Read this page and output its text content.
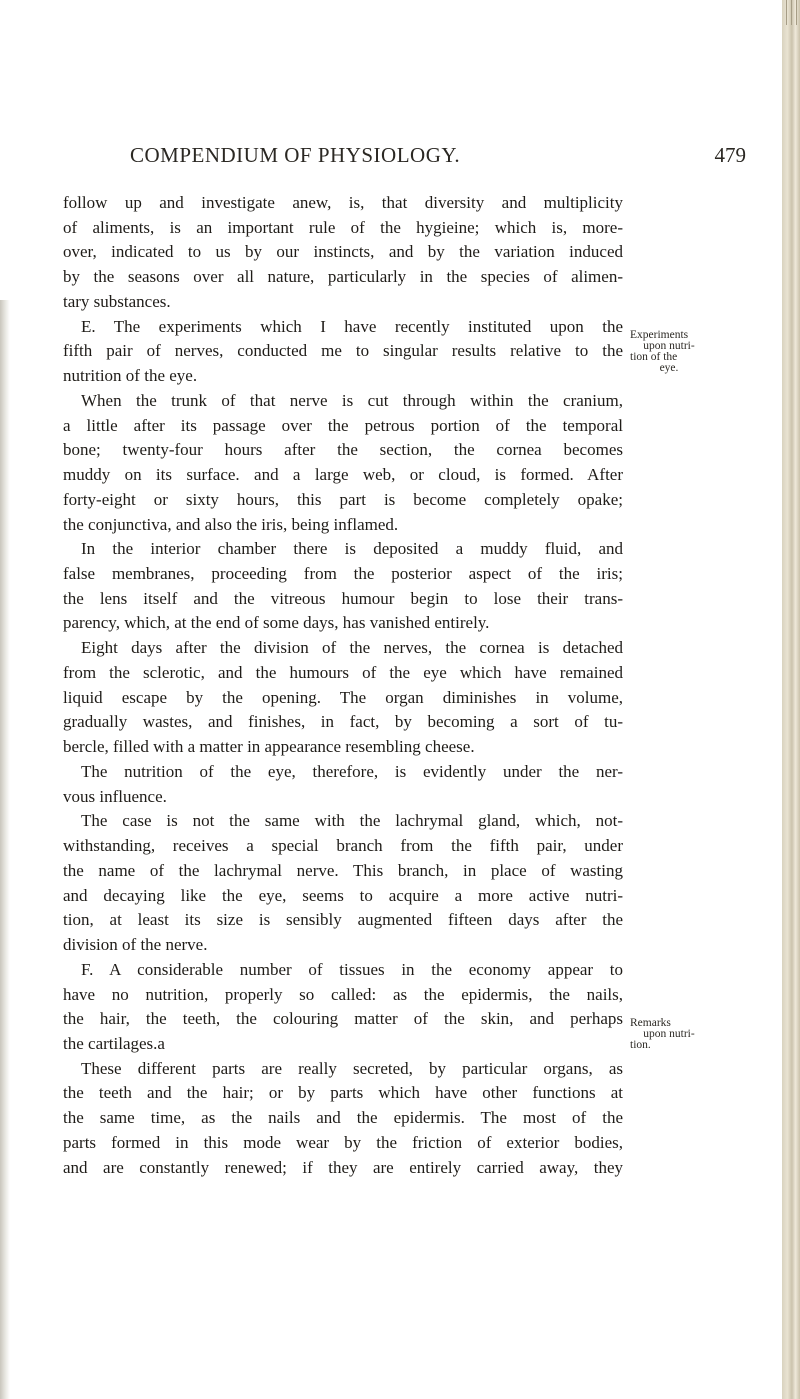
COMPENDIUM OF PHYSIOLOGY.	479
follow up and investigate anew, is, that diversity and multiplicity
of aliments, is an important rule of the hygieine; which is, more-
over, indicated to us by our instincts, and by the variation induced
by the seasons over all nature, particularly in the species of alimen-
tary substances.
E. The experiments which I have recently instituted upon the
fifth pair of nerves, conducted me to singular results relative to the
nutrition of the eye.
When the trunk of that nerve is cut through within the cranium,
a little after its passage over the petrous portion of the temporal
bone; twenty-four hours after the section, the cornea becomes
muddy on its surface. and a large web, or cloud, is formed. After
forty-eight or sixty hours, this part is become completely opake;
the conjunctiva, and also the iris, being inflamed.
In the interior chamber there is deposited a muddy fluid, and
false membranes, proceeding from the posterior aspect of the iris;
the lens itself and the vitreous humour begin to lose their trans-
parency, which, at the end of some days, has vanished entirely.
Eight days after the division of the nerves, the cornea is detached
from the sclerotic, and the humours of the eye which have remained
liquid escape by the opening. The organ diminishes in volume,
gradually wastes, and finishes, in fact, by becoming a sort of tu-
bercle, filled with a matter in appearance resembling cheese.
The nutrition of the eye, therefore, is evidently under the ner-
vous influence.
The case is not the same with the lachrymal gland, which, not-
withstanding, receives a special branch from the fifth pair, under
the name of the lachrymal nerve. This branch, in place of wasting
and decaying like the eye, seems to acquire a more active nutri-
tion, at least its size is sensibly augmented fifteen days after the
division of the nerve.
F. A considerable number of tissues in the economy appear to
have no nutrition, properly so called: as the epidermis, the nails,
the hair, the teeth, the colouring matter of the skin, and perhaps
the cartilages.a
These different parts are really secreted, by particular organs, as
the teeth and the hair; or by parts which have other functions at
the same time, as the nails and the epidermis. The most of the
parts formed in this mode wear by the friction of exterior bodies,
and are constantly renewed; if they are entirely carried away, they
Experiments
upon nutri-
tion of the
eye.
Remarks
upon nutri-
tion.
